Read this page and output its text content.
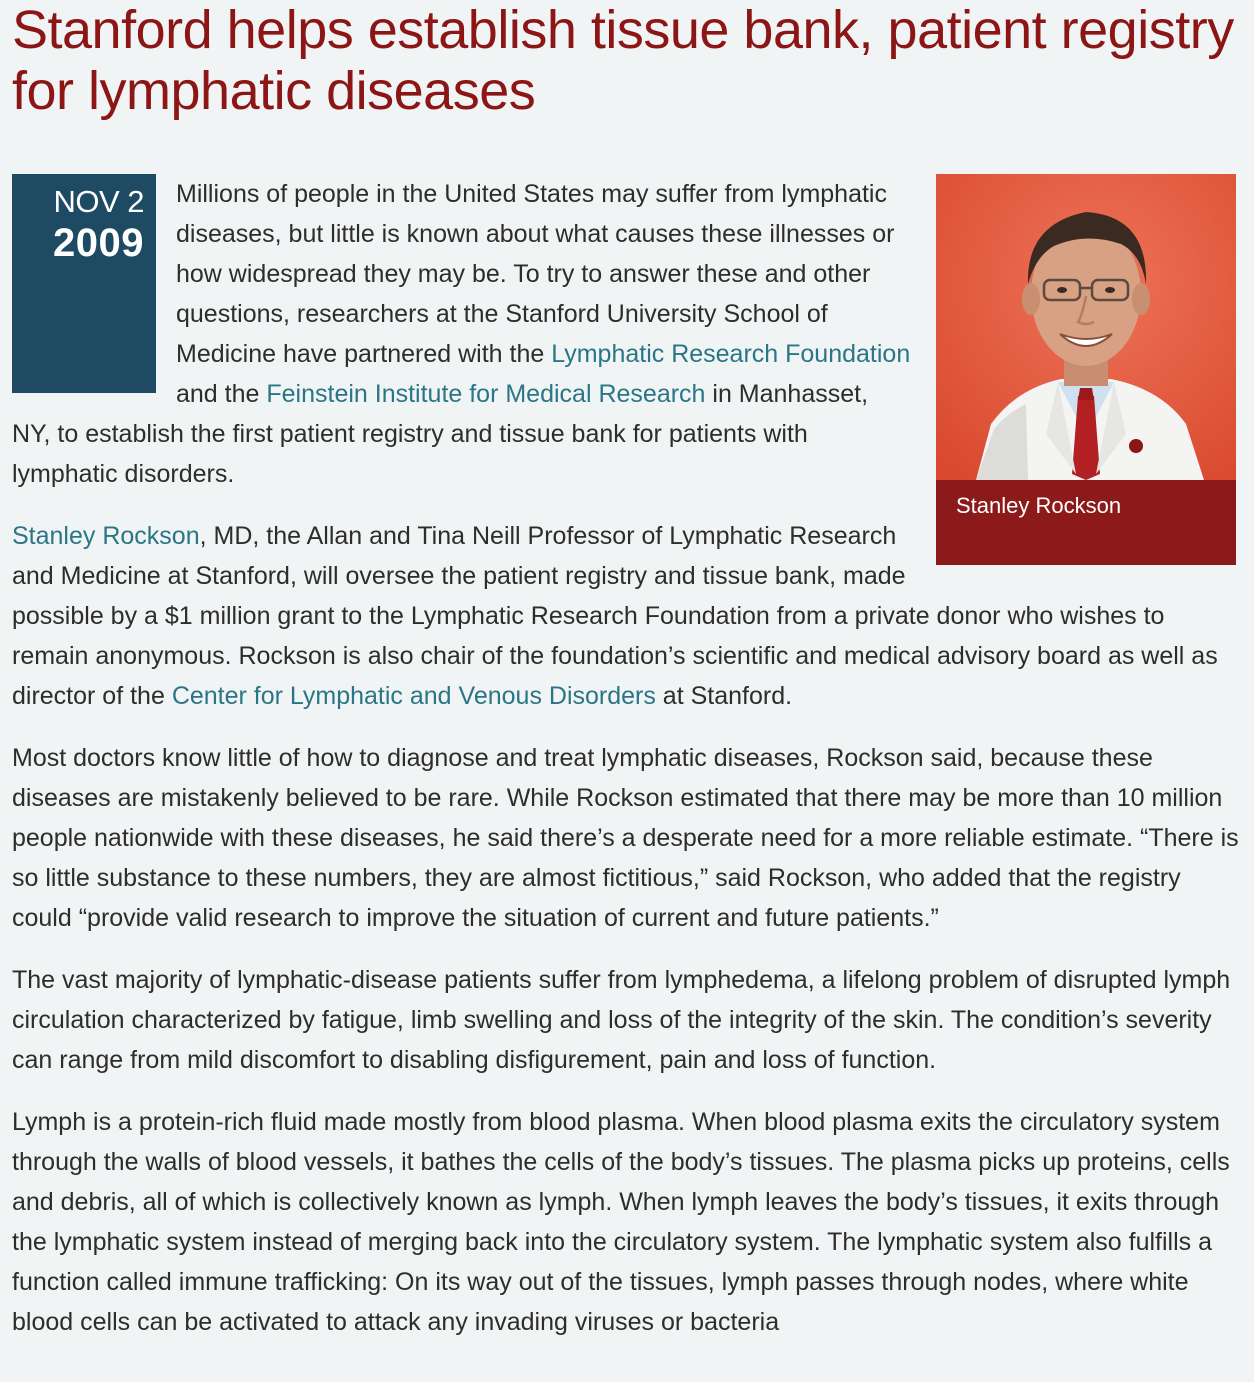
Stanford helps establish tissue bank, patient registry for lymphatic diseases
NOV 2
2009
Stanley Rockson

Millions of people in the United States may suffer from lymphatic diseases, but little is known about what causes these illnesses or how widespread they may be. To try to answer these and other questions, researchers at the Stanford University School of Medicine have partnered with the Lymphatic Research Foundation and the Feinstein Institute for Medical Research in Manhasset, NY, to establish the first patient registry and tissue bank for patients with lymphatic disorders.

Stanley Rockson, MD, the Allan and Tina Neill Professor of Lymphatic Research and Medicine at Stanford, will oversee the patient registry and tissue bank, made possible by a $1 million grant to the Lymphatic Research Foundation from a private donor who wishes to remain anonymous. Rockson is also chair of the foundation’s scientific and medical advisory board as well as director of the Center for Lymphatic and Venous Disorders at Stanford.

Most doctors know little of how to diagnose and treat lymphatic diseases, Rockson said, because these diseases are mistakenly believed to be rare. While Rockson estimated that there may be more than 10 million people nationwide with these diseases, he said there’s a desperate need for a more reliable estimate. “There is so little substance to these numbers, they are almost fictitious,” said Rockson, who added that the registry could “provide valid research to improve the situation of current and future patients.”

The vast majority of lymphatic-disease patients suffer from lymphedema, a lifelong problem of disrupted lymph circulation characterized by fatigue, limb swelling and loss of the integrity of the skin. The condition’s severity can range from mild discomfort to disabling disfigurement, pain and loss of function.

Lymph is a protein-rich fluid made mostly from blood plasma. When blood plasma exits the circulatory system through the walls of blood vessels, it bathes the cells of the body’s tissues. The plasma picks up proteins, cells and debris, all of which is collectively known as lymph. When lymph leaves the body’s tissues, it exits through the lymphatic system instead of merging back into the circulatory system. The lymphatic system also fulfills a function called immune trafficking: On its way out of the tissues, lymph passes through nodes, where white blood cells can be activated to attack any invading viruses or bacteria
